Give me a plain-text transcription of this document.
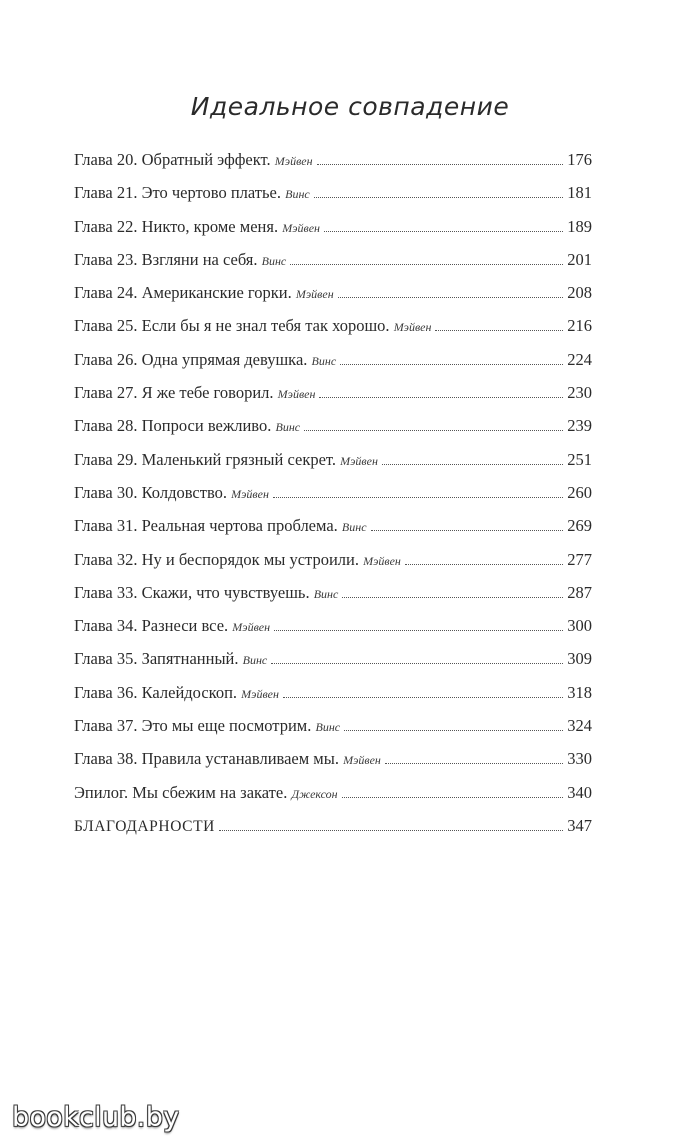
Идеальное совпадение
Глава 20. Обратный эффект. Мэйвен	176
Глава 21. Это чертово платье. Винс	181
Глава 22. Никто, кроме меня. Мэйвен	189
Глава 23. Взгляни на себя. Винс	201
Глава 24. Американские горки. Мэйвен	208
Глава 25. Если бы я не знал тебя так хорошо. Мэйвен	216
Глава 26. Одна упрямая девушка. Винс	224
Глава 27. Я же тебе говорил. Мэйвен	230
Глава 28. Попроси вежливо. Винс	239
Глава 29. Маленький грязный секрет. Мэйвен	251
Глава 30. Колдовство. Мэйвен	260
Глава 31. Реальная чертова проблема. Винс	269
Глава 32. Ну и беспорядок мы устроили. Мэйвен	277
Глава 33. Скажи, что чувствуешь. Винс	287
Глава 34. Разнеси все. Мэйвен	300
Глава 35. Запятнанный. Винс	309
Глава 36. Калейдоскоп. Мэйвен	318
Глава 37. Это мы еще посмотрим. Винс	324
Глава 38. Правила устанавливаем мы. Мэйвен	330
Эпилог. Мы сбежим на закате. Джексон	340
БЛАГОДАРНОСТИ	347
bookclub.by
